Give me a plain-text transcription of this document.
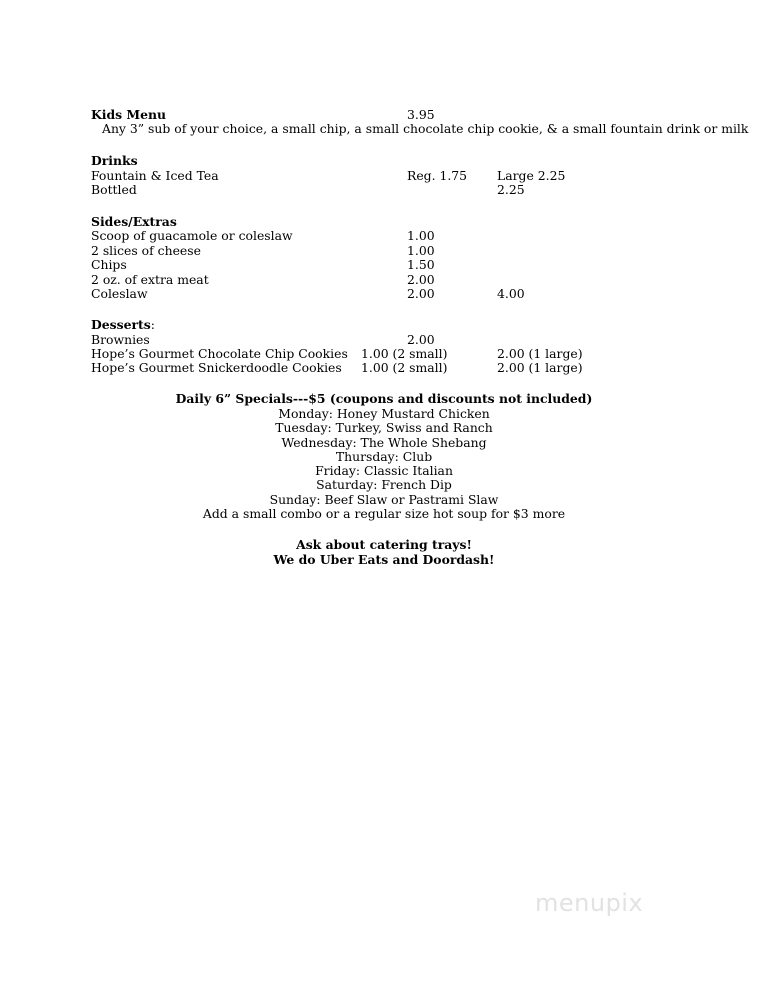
Kids Menu	3.95
Any 3” sub of your choice, a small chip, a small chocolate chip cookie, & a small fountain drink or milk
Drinks
Fountain & Iced Tea	Reg. 1.75 Large 2.25
Bottled	2.25
Sides/Extras
Scoop of guacamole or coleslaw	1.00
2 slices of cheese	1.00
Chips	1.50
2 oz. of extra meat	2.00
Coleslaw	2.00	4.00
Desserts:
Brownies	2.00
Hope’s Gourmet Chocolate Chip Cookies 1.00 (2 small)	2.00 (1 large)
Hope’s Gourmet Snickerdoodle Cookies 1.00 (2 small)	2.00 (1 large)
Daily 6” Specials---$5 (coupons and discounts not included)
Monday: Honey Mustard Chicken
Tuesday: Turkey, Swiss and Ranch
Wednesday: The Whole Shebang
Thursday: Club
Friday: Classic Italian
Saturday: French Dip
Sunday: Beef Slaw or Pastrami Slaw
Add a small combo or a regular size hot soup for $3 more
Ask about catering trays!
We do Uber Eats and Doordash!
menupix
